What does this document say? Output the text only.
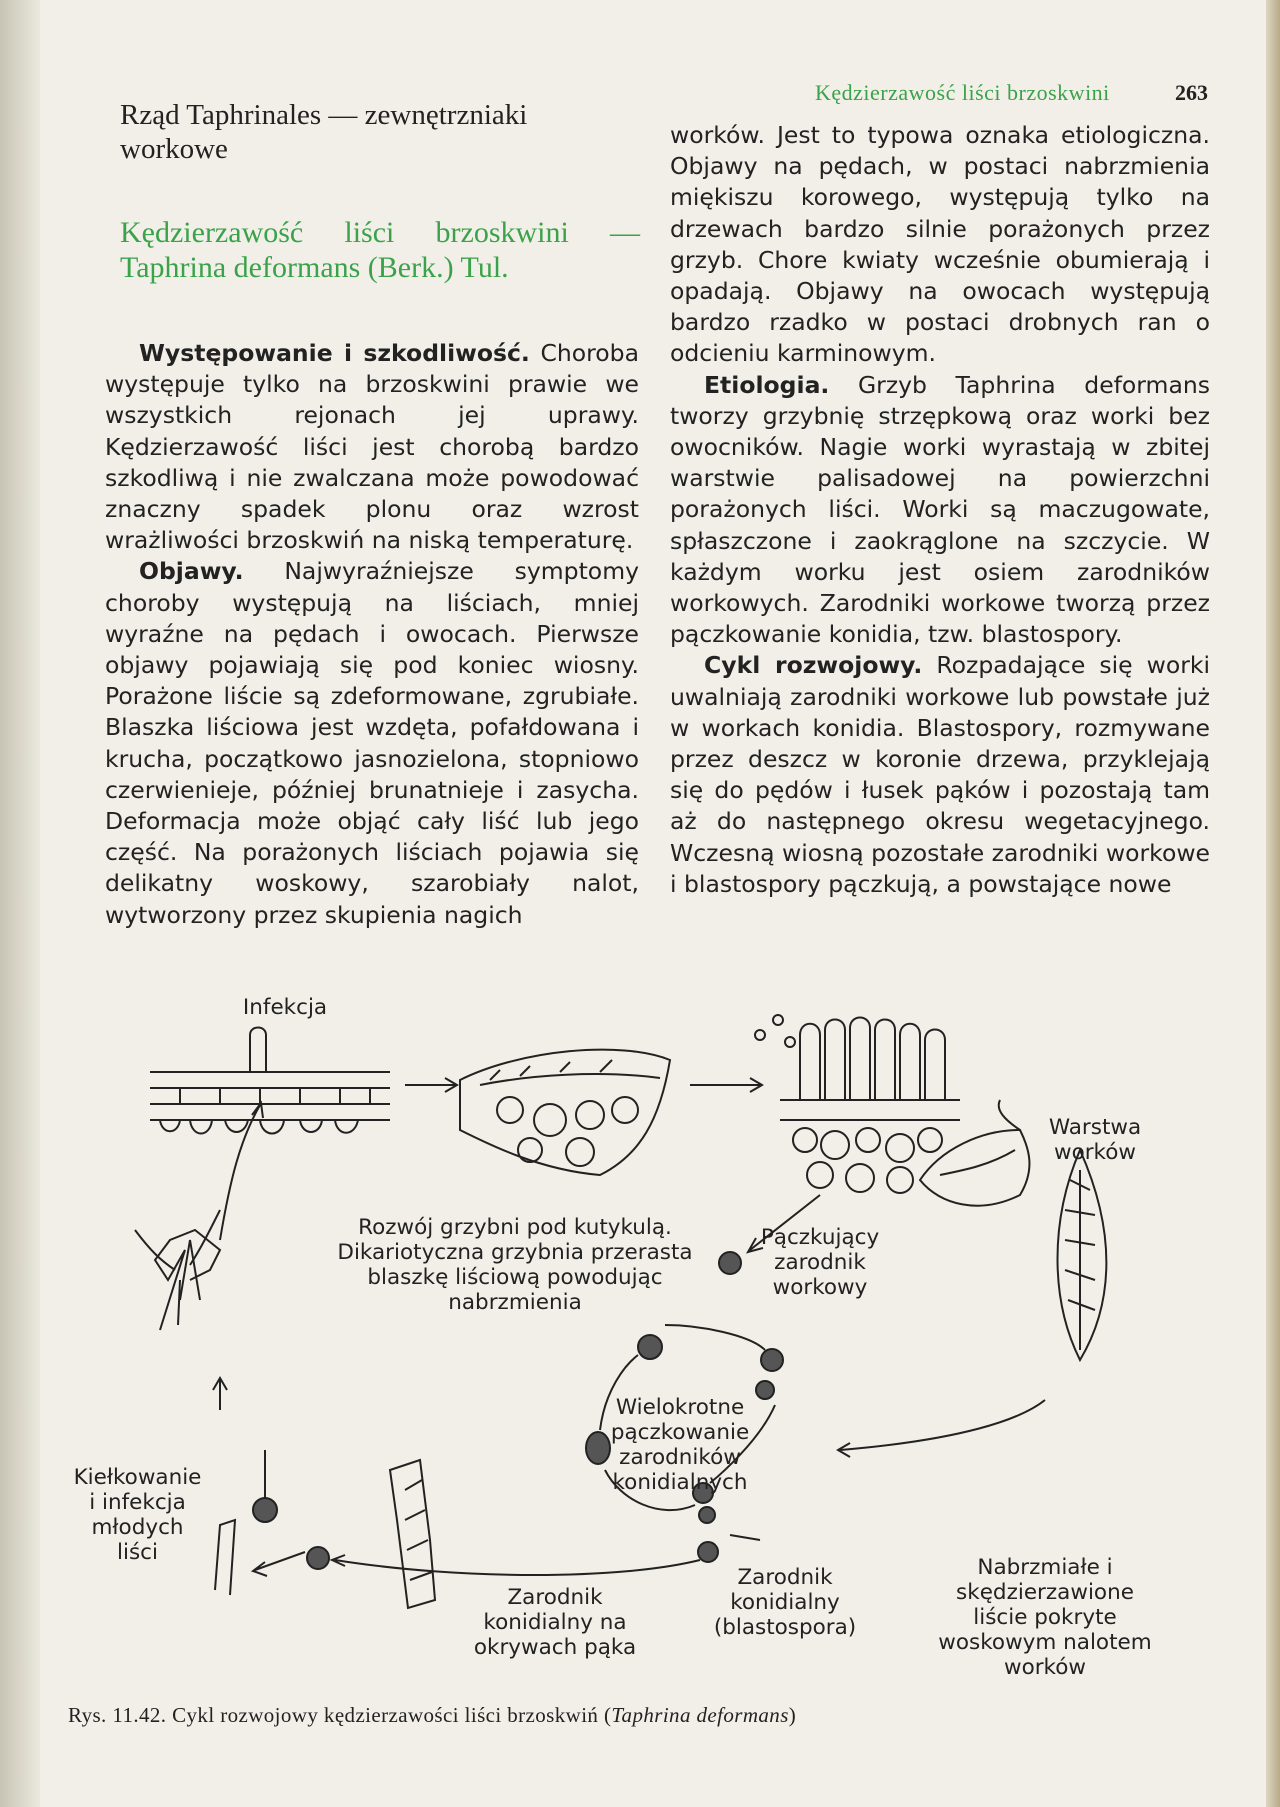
Kędzierzawość liści brzoskwini	263
Rząd Taphrinales — zewnętrzniaki workowe
Kędzierzawość liści brzoskwini — Taphrina deformans (Berk.) Tul.

Występowanie i szkodliwość. Choroba występuje tylko na brzoskwini prawie we wszystkich rejonach jej uprawy. Kędzierzawość liści jest chorobą bardzo szkodliwą i nie zwalczana może powodować znaczny spadek plonu oraz wzrost wrażliwości brzoskwiń na niską temperaturę.

Objawy. Najwyraźniejsze symptomy choroby występują na liściach, mniej wyraźne na pędach i owocach. Pierwsze objawy pojawiają się pod koniec wiosny. Porażone liście są zdeformowane, zgrubiałe. Blaszka liściowa jest wzdęta, pofałdowana i krucha, początkowo jasnozielona, stopniowo czerwienieje, później brunatnieje i zasycha. Deformacja może objąć cały liść lub jego część. Na porażonych liściach pojawia się delikatny woskowy, szarobiały nalot, wytworzony przez skupienia nagich

worków. Jest to typowa oznaka etiologiczna. Objawy na pędach, w postaci nabrzmienia miękiszu korowego, występują tylko na drzewach bardzo silnie porażonych przez grzyb. Chore kwiaty wcześnie obumierają i opadają. Objawy na owocach występują bardzo rzadko w postaci drobnych ran o odcieniu karminowym.

Etiologia. Grzyb Taphrina deformans tworzy grzybnię strzępkową oraz worki bez owocników. Nagie worki wyrastają w zbitej warstwie palisadowej na powierzchni porażonych liści. Worki są maczugowate, spłaszczone i zaokrąglone na szczycie. W każdym worku jest osiem zarodników workowych. Zarodniki workowe tworzą przez pączkowanie konidia, tzw. blastospory.

Cykl rozwojowy. Rozpadające się worki uwalniają zarodniki workowe lub powstałe już w workach konidia. Blastospory, rozmywane przez deszcz w koronie drzewa, przyklejają się do pędów i łusek pąków i pozostają tam aż do następnego okresu wegetacyjnego. Wczesną wiosną pozostałe zarodniki workowe i blastospory pączkują, a powstające nowe

Infekcja
Warstwa worków
Rozwój grzybni pod kutykulą. Dikariotyczna grzybnia przerasta blaszkę liściową powodując nabrzmienia
Pączkujący zarodnik workowy
Wielokrotne pączkowanie zarodników konidialnych
Kiełkowanie i infekcja młodych liści
Zarodnik konidialny na okrywach pąka
Zarodnik konidialny (blastospora)
Nabrzmiałe i skędzierzawione liście pokryte woskowym nalotem worków
Rys. 11.42. Cykl rozwojowy kędzierzawości liści brzoskwiń (Taphrina deformans)
